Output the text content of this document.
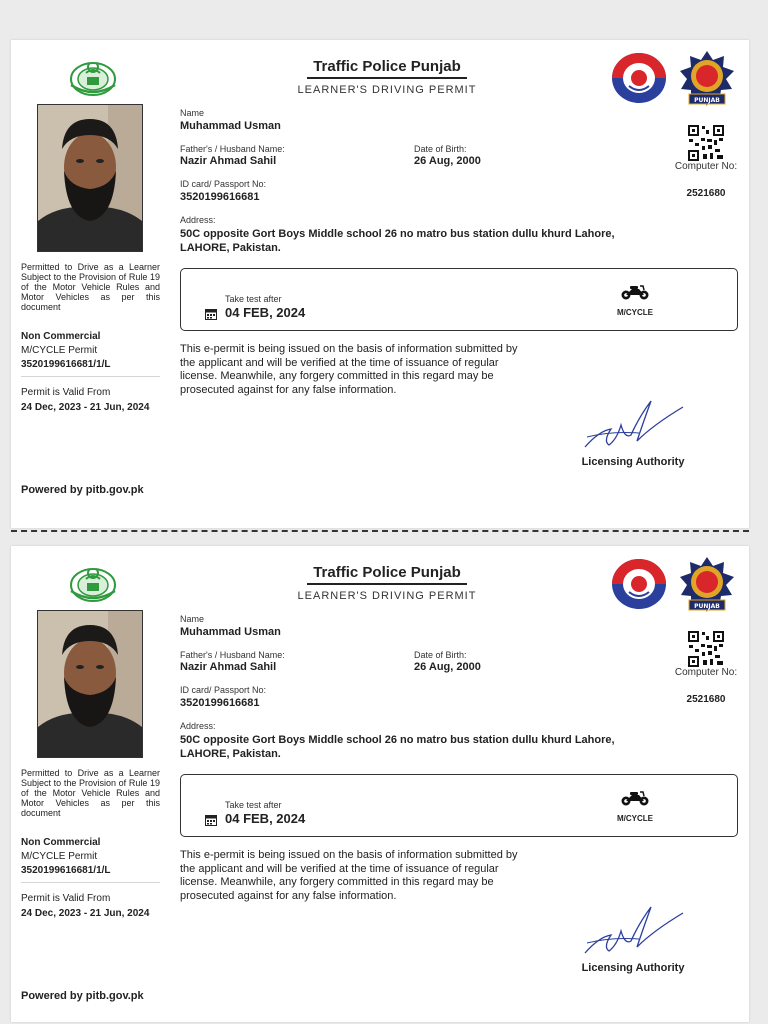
Permitted to Drive as a Learner Subject to the Provision of Rule 19 of the Motor Vehicle Rules and Motor Vehicles as per this document
Non Commercial
M/CYCLE Permit
3520199616681/1/L
Permit is Valid From
24 Dec, 2023 - 21 Jun, 2024
Powered by pitb.gov.pk
Traffic Police Punjab
LEARNER'S DRIVING PERMIT
PUNJAB
Name
Muhammad Usman
Father's / Husband Name:
Nazir Ahmad Sahil
Date of Birth:
26 Aug, 2000
ID card/ Passport No:
3520199616681
Address:
50C opposite Gort Boys Middle school 26 no matro bus station dullu khurd Lahore, LAHORE, Pakistan.
Computer No:
2521680
Take test after
04 FEB, 2024	M/CYCLE
This e-permit is being issued on the basis of information submitted by the applicant and will be verified at the time of issuance of regular license. Meanwhile, any forgery committed in this regard may be prosecuted against for any false information.
Licensing Authority
Permitted to Drive as a Learner Subject to the Provision of Rule 19 of the Motor Vehicle Rules and Motor Vehicles as per this document
Non Commercial
M/CYCLE Permit
3520199616681/1/L
Permit is Valid From
24 Dec, 2023 - 21 Jun, 2024
Powered by pitb.gov.pk
Traffic Police Punjab
LEARNER'S DRIVING PERMIT
PUNJAB
Name
Muhammad Usman
Father's / Husband Name:
Nazir Ahmad Sahil
Date of Birth:
26 Aug, 2000
ID card/ Passport No:
3520199616681
Address:
50C opposite Gort Boys Middle school 26 no matro bus station dullu khurd Lahore, LAHORE, Pakistan.
Computer No:
2521680
Take test after
04 FEB, 2024	M/CYCLE
This e-permit is being issued on the basis of information submitted by the applicant and will be verified at the time of issuance of regular license. Meanwhile, any forgery committed in this regard may be prosecuted against for any false information.
Licensing Authority
